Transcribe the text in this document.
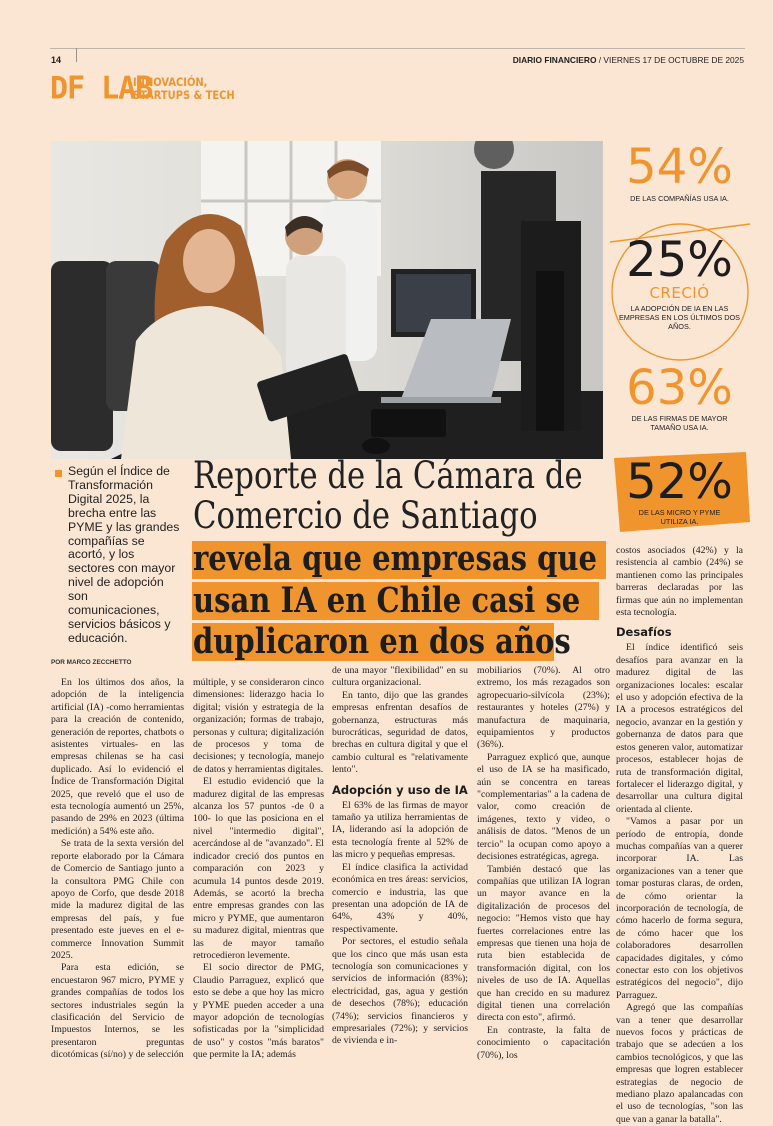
14	DIARIO FINANCIERO / VIERNES 17 DE OCTUBRE DE 2025
DF LAB
INNOVACIÓN,
STARTUPS & TECH
54%
DE LAS COMPAÑÍAS USA IA.
25%
CRECIÓ
LA ADOPCIÓN DE IA EN LAS EMPRESAS EN LOS ÚLTIMOS DOS AÑOS.
63%
DE LAS FIRMAS DE MAYOR TAMAÑO USA IA.
52%
DE LAS MICRO Y PYME UTILIZA IA.
Según el Índice de Transformación Digital 2025, la brecha entre las PYME y las grandes compañías se acortó, y los sectores con mayor nivel de adopción son comunicaciones, servicios básicos y educación.
POR MARCO ZECCHETTO
Reporte de la Cámara de
Comercio de Santiago
revela que empresas que
usan IA en Chile casi se
duplicaron en dos años

En los últimos dos años, la adopción de la inteligencia artificial (IA) -como herramientas para la creación de contenido, generación de reportes, chatbots o asistentes virtuales- en las empresas chilenas se ha casi duplicado. Así lo evidenció el Índice de Transformación Digital 2025, que reveló que el uso de esta tecnología aumentó un 25%, pasando de 29% en 2023 (última medición) a 54% este año.

Se trata de la sexta versión del reporte elaborado por la Cámara de Comercio de Santiago junto a la consultora PMG Chile con apoyo de Corfo, que desde 2018 mide la madurez digital de las empresas del país, y fue presentado este jueves en el e-commerce Innovation Summit 2025.

Para esta edición, se encuestaron 967 micro, PYME y grandes compañías de todos los sectores industriales según la clasificación del Servicio de Impuestos Internos, se les presentaron preguntas dicotómicas (sí/no) y de selección

múltiple, y se consideraron cinco dimensiones: liderazgo hacia lo digital; visión y estrategia de la organización; formas de trabajo, personas y cultura; digitalización de procesos y toma de decisiones; y tecnología, manejo de datos y herramientas digitales.

El estudio evidenció que la madurez digital de las empresas alcanza los 57 puntos -de 0 a 100- lo que las posiciona en el nivel "intermedio digital", acercándose al de "avanzado". El indicador creció dos puntos en comparación con 2023 y acumula 14 puntos desde 2019. Además, se acortó la brecha entre empresas grandes con las micro y PYME, que aumentaron su madurez digital, mientras que las de mayor tamaño retrocedieron levemente.

El socio director de PMG, Claudio Parraguez, explicó que esto se debe a que hoy las micro y PYME pueden acceder a una mayor adopción de tecnologías sofisticadas por la "simplicidad de uso" y costos "más baratos" que permite la IA; además

de una mayor "flexibilidad" en su cultura organizacional.

En tanto, dijo que las grandes empresas enfrentan desafíos de gobernanza, estructuras más burocráticas, seguridad de datos, brechas en cultura digital y que el cambio cultural es "relativamente lento".

Adopción y uso de IA

El 63% de las firmas de mayor tamaño ya utiliza herramientas de IA, liderando así la adopción de esta tecnología frente al 52% de las micro y pequeñas empresas.

El índice clasifica la actividad económica en tres áreas: servicios, comercio e industria, las que presentan una adopción de IA de 64%, 43% y 40%, respectivamente.

Por sectores, el estudio señala que los cinco que más usan esta tecnología son comunicaciones y servicios de información (83%); electricidad, gas, agua y gestión de desechos (78%); educación (74%); servicios financieros y empresariales (72%); y servicios de vivienda e in-

mobiliarios (70%). Al otro extremo, los más rezagados son agropecuario-silvícola (23%); restaurantes y hoteles (27%) y manufactura de maquinaria, equipamientos y productos (36%).

Parraguez explicó que, aunque el uso de IA se ha masificado, aún se concentra en tareas "complementarias" a la cadena de valor, como creación de imágenes, texto y video, o análisis de datos. "Menos de un tercio" la ocupan como apoyo a decisiones estratégicas, agrega.

También destacó que las compañías que utilizan IA logran un mayor avance en la digitalización de procesos del negocio: "Hemos visto que hay fuertes correlaciones entre las empresas que tienen una hoja de ruta bien establecida de transformación digital, con los niveles de uso de IA. Aquellas que han crecido en su madurez digital tienen una correlación directa con esto", afirmó.

En contraste, la falta de conocimiento o capacitación (70%), los

costos asociados (42%) y la resistencia al cambio (24%) se mantienen como las principales barreras declaradas por las firmas que aún no implementan esta tecnología.

Desafíos

El índice identificó seis desafíos para avanzar en la madurez digital de las organizaciones locales: escalar el uso y adopción efectiva de la IA a procesos estratégicos del negocio, avanzar en la gestión y gobernanza de datos para que estos generen valor, automatizar procesos, establecer hojas de ruta de transformación digital, fortalecer el liderazgo digital, y desarrollar una cultura digital orientada al cliente.

"Vamos a pasar por un período de entropía, donde muchas compañías van a querer incorporar IA. Las organizaciones van a tener que tomar posturas claras, de orden, de cómo orientar la incorporación de tecnología, de cómo hacerlo de forma segura, de cómo hacer que los colaboradores desarrollen capacidades digitales, y cómo conectar esto con los objetivos estratégicos del negocio", dijo Parraguez.

Agregó que las compañías van a tener que desarrollar nuevos focos y prácticas de trabajo que se adecúen a los cambios tecnológicos, y que las empresas que logren establecer estrategias de negocio de mediano plazo apalancadas con el uso de tecnologías, "son las que van a ganar la batalla".
